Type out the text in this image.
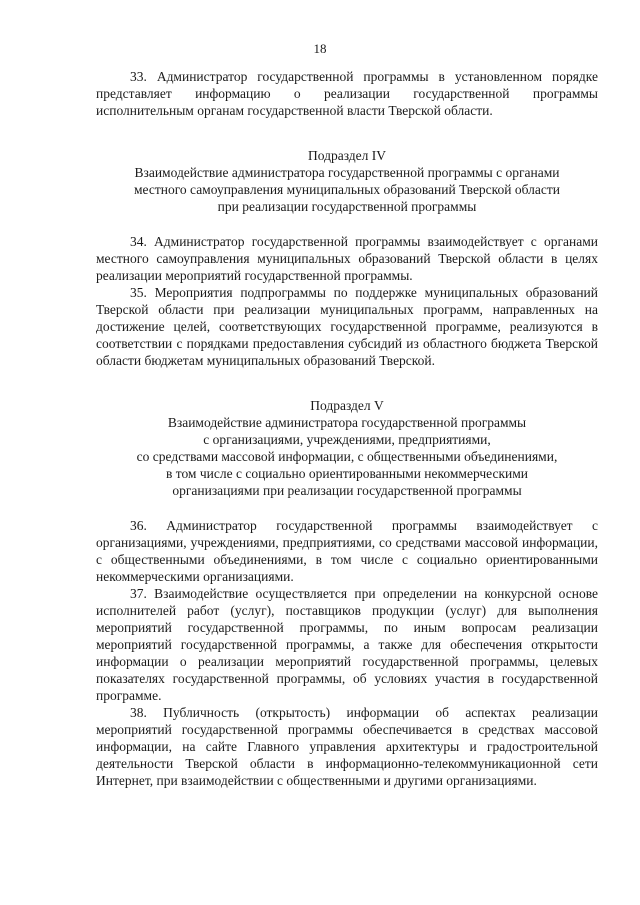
18

33. Администратор государственной программы в установленном порядке представляет информацию о реализации государственной программы исполнительным органам государственной власти Тверской области.

Подраздел IV

Взаимодействие администратора государственной программы с органами

местного самоуправления муниципальных образований Тверской области

при реализации государственной программы

34. Администратор государственной программы взаимодействует с органами местного самоуправления муниципальных образований Тверской области в целях реализации мероприятий государственной программы.

35. Мероприятия подпрограммы по поддержке муниципальных образований Тверской области при реализации муниципальных программ, направленных на достижение целей, соответствующих государственной программе, реализуются в соответствии с порядками предоставления субсидий из областного бюджета Тверской области бюджетам муниципальных образований Тверской.

Подраздел V

Взаимодействие администратора государственной программы

с организациями, учреждениями, предприятиями,

со средствами массовой информации, с общественными объединениями,

в том числе с социально ориентированными некоммерческими

организациями при реализации государственной программы

36. Администратор государственной программы взаимодействует с организациями, учреждениями, предприятиями, со средствами массовой информации, с общественными объединениями, в том числе с социально ориентированными некоммерческими организациями.

37. Взаимодействие осуществляется при определении на конкурсной основе исполнителей работ (услуг), поставщиков продукции (услуг) для выполнения мероприятий государственной программы, по иным вопросам реализации мероприятий государственной программы, а также для обеспечения открытости информации о реализации мероприятий государственной программы, целевых показателях государственной программы, об условиях участия в государственной программе.

38. Публичность (открытость) информации об аспектах реализации мероприятий государственной программы обеспечивается в средствах массовой информации, на сайте Главного управления архитектуры и градостроительной деятельности Тверской области в информационно-телекоммуникационной сети Интернет, при взаимодействии с общественными и другими организациями.
